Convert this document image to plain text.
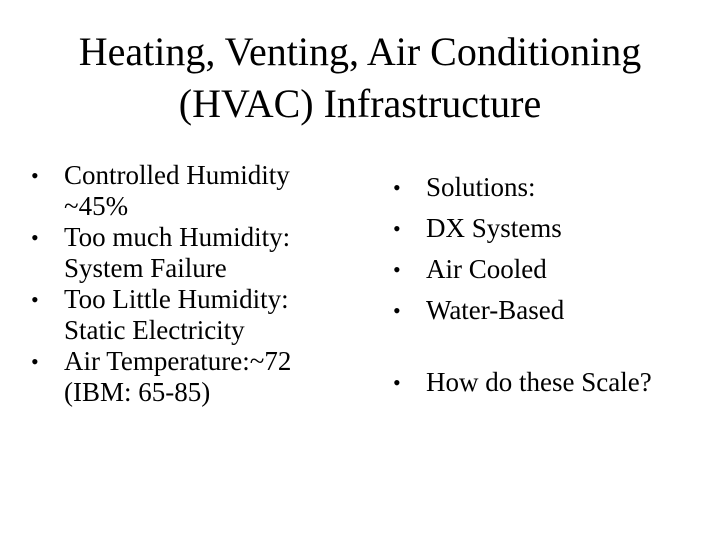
Heating, Venting, Air Conditioning
(HVAC) Infrastructure
• Controlled Humidity
~45%
• Too much Humidity:
System Failure
• Too Little Humidity:
Static Electricity
• Air Temperature:~72
(IBM: 65-85)
• Solutions:
• DX Systems
• Air Cooled
• Water-Based
• How do these Scale?
